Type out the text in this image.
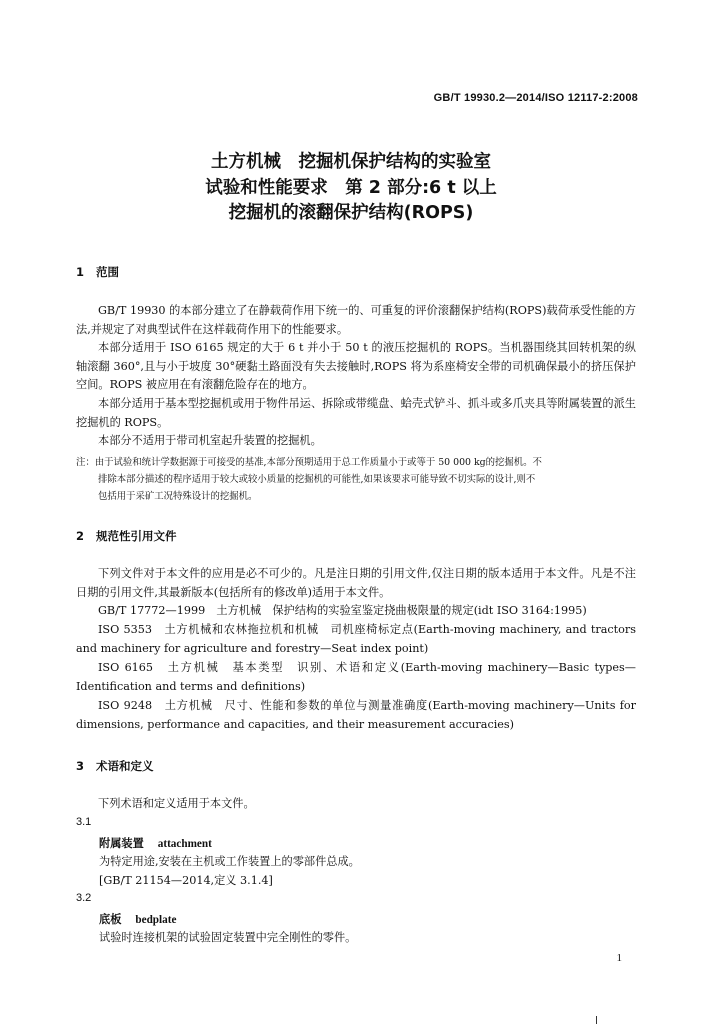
GB/T 19930.2—2014/ISO 12117-2:2008
土方机械　挖掘机保护结构的实验室
试验和性能要求　第 2 部分:6 t 以上
挖掘机的滚翻保护结构(ROPS)
1 范围
GB/T 19930 的本部分建立了在静载荷作用下统一的、可重复的评价滚翻保护结构(ROPS)载荷承受性能的方法,并规定了对典型试件在这样载荷作用下的性能要求。
本部分适用于 ISO 6165 规定的大于 6 t 并小于 50 t 的液压挖掘机的 ROPS。当机器围绕其回转机架的纵轴滚翻 360°,且与小于坡度 30°硬黏土路面没有失去接触时,ROPS 将为系座椅安全带的司机确保最小的挤压保护空间。ROPS 被应用在有滚翻危险存在的地方。
本部分适用于基本型挖掘机或用于物件吊运、拆除或带缆盘、蛤壳式铲斗、抓斗或多爪夹具等附属装置的派生挖掘机的 ROPS。
本部分不适用于带司机室起升装置的挖掘机。
注：由于试验和统计学数据源于可接受的基准,本部分预期适用于总工作质量小于或等于 50 000 kg的挖掘机。不
排除本部分描述的程序适用于较大或较小质量的挖掘机的可能性,如果该要求可能导致不切实际的设计,则不
包括用于采矿工况特殊设计的挖掘机。
2 规范性引用文件
下列文件对于本文件的应用是必不可少的。凡是注日期的引用文件,仅注日期的版本适用于本文件。凡是不注日期的引用文件,其最新版本(包括所有的修改单)适用于本文件。
GB/T 17772—1999　土方机械　保护结构的实验室鉴定挠曲极限量的规定(idt ISO 3164:1995)
ISO 5353　土方机械和农林拖拉机和机械　司机座椅标定点(Earth-moving machinery, and tractors and machinery for agriculture and forestry—Seat index point)
ISO 6165　土方机械　基本类型　识别、术语和定义(Earth-moving machinery—Basic types—Identification and terms and definitions)
ISO 9248　土方机械　尺寸、性能和参数的单位与测量准确度(Earth-moving machinery—Units for dimensions, performance and capacities, and their measurement accuracies)
3 术语和定义
下列术语和定义适用于本文件。
3.1
附属装置 attachment
为特定用途,安装在主机或工作装置上的零部件总成。
[GB/T 21154—2014,定义 3.1.4]
3.2
底板 bedplate
试验时连接机架的试验固定装置中完全刚性的零件。
1
